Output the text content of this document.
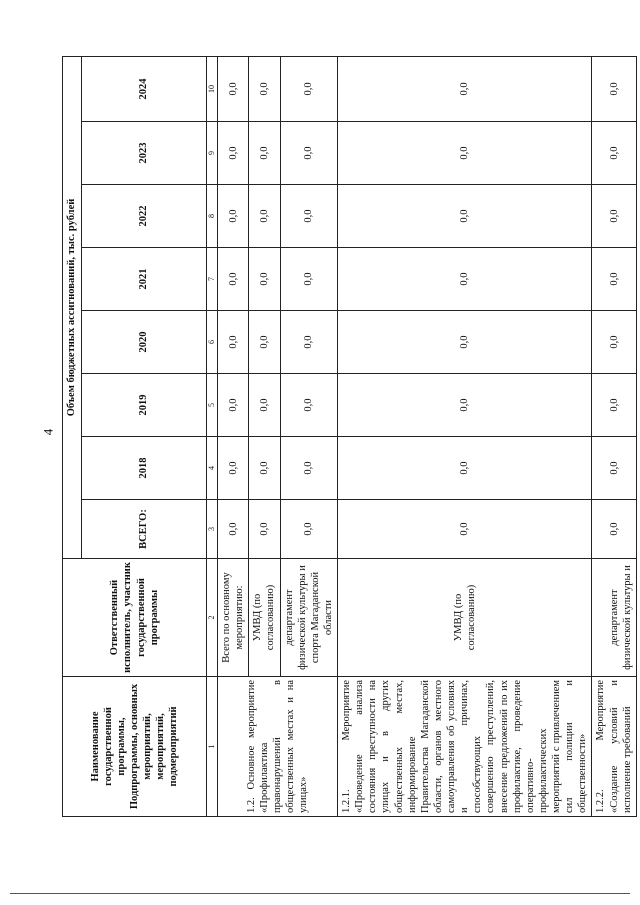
4
Наименование государственной программы, Подпрограммы, основных мероприятий, мероприятий, подмероприятий	Ответственный исполнитель, участник государственной программы	Объем бюджетных ассигнований, тыс. рублей							
		ВСЕГО:	2018	2019	2020	2021	2022	2023	2024
1	2	3	4	5	6	7	8	9	10
1.2. Основное мероприятие «Профилактика правонарушений в общественных местах и на улицах»	Всего по основному мероприятию:	0,0	0,0	0,0	0,0	0,0	0,0	0,0	0,0
	УМВД (по согласованию)	0,0	0,0	0,0	0,0	0,0	0,0	0,0	0,0
	департамент физической культуры и спорта Магаданской области	0,0	0,0	0,0	0,0	0,0	0,0	0,0	0,0
1.2.1. Мероприятие «Проведение анализа состояния преступности на улицах и в других общественных местах, информирование Правительства Магаданской области, органов местного самоуправления об условиях и причинах, способствующих совершению преступлений, внесение предложений по их профилактике, проведение оперативно-профилактических мероприятий с привлечением сил полиции и общественности»	УМВД (по согласованию)	0,0	0,0	0,0	0,0	0,0	0,0	0,0	0,0
1.2.2. Мероприятие «Создание условий и исполнение требований	департамент физической культуры и	0,0	0,0	0,0	0,0	0,0	0,0	0,0	0,0
